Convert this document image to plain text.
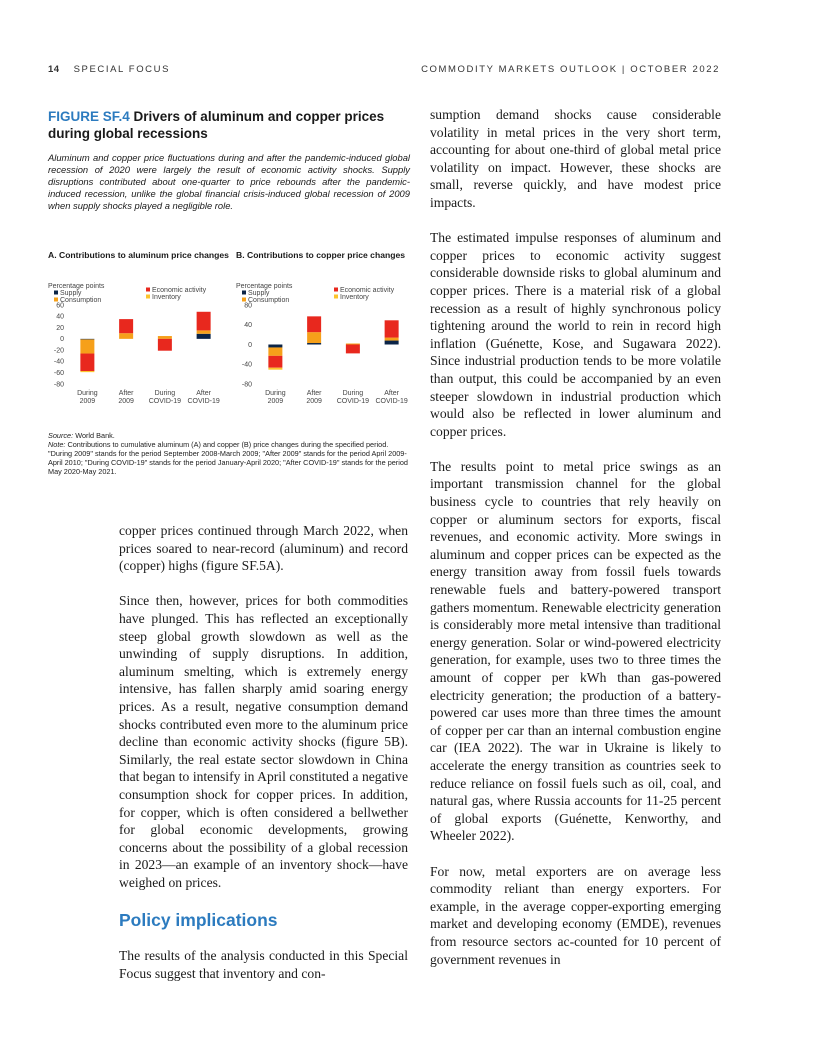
14 SPECIAL FOCUS	COMMODITY MARKETS OUTLOOK | OCTOBER 2022

FIGURE SF.4 Drivers of aluminum and copper prices during global recessions

Aluminum and copper price fluctuations during and after the pandemic-induced global recession of 2020 were largely the result of economic activity shocks. Supply disruptions contributed about one-quarter to price rebounds after the pandemic-induced recession, unlike the global financial crisis-induced global recession of 2009 when supply shocks played a negligible role.

A. Contributions to aluminum price changes B. Contributions to copper price changes
Percentage points
Supply
Consumption
Economic activity
Inventory
60
40
20
0
-20
-40
-60
-80
During
2009
After
2009
During
COVID-19
After
COVID-19
Percentage points
Supply
Consumption
Economic activity
Inventory
80
40
0
-40
-80
During
2009
After
2009
During
COVID-19
After
COVID-19

Source: World Bank.

Note: Contributions to cumulative aluminum (A) and copper (B) price changes during the specified period. "During 2009" stands for the period September 2008-March 2009; "After 2009" stands for the period April 2009-April 2010; "During COVID-19" stands for the period January-April 2020; "After COVID-19" stands for the period May 2020-May 2021.

copper prices continued through March 2022, when prices soared to near-record (aluminum) and record (copper) highs (figure SF.5A).

Since then, however, prices for both commodities have plunged. This has reflected an exceptionally steep global growth slowdown as well as the unwinding of supply disruptions. In addition, aluminum smelting, which is extremely energy intensive, has fallen sharply amid soaring energy prices. As a result, negative consumption demand shocks contributed even more to the aluminum price decline than economic activity shocks (figure 5B). Similarly, the real estate sector slowdown in China that began to intensify in April constituted a negative consumption shock for copper prices. In addition, for copper, which is often considered a bellwether for global economic developments, growing concerns about the possibility of a global recession in 2023—an example of an inventory shock—have weighed on prices.

Policy implications

The results of the analysis conducted in this Special Focus suggest that inventory and con-

sumption demand shocks cause considerable volatility in metal prices in the very short term, accounting for about one-third of global metal price volatility on impact. However, these shocks are small, reverse quickly, and have modest price impacts.

The estimated impulse responses of aluminum and copper prices to economic activity suggest considerable downside risks to global aluminum and copper prices. There is a material risk of a global recession as a result of highly synchronous policy tightening around the world to rein in record high inflation (Guénette, Kose, and Sugawara 2022). Since industrial production tends to be more volatile than output, this could be accompanied by an even steeper slowdown in industrial production which would also be reflected in lower aluminum and copper prices.

The results point to metal price swings as an important transmission channel for the global business cycle to countries that rely heavily on copper or aluminum sectors for exports, fiscal revenues, and economic activity. More swings in aluminum and copper prices can be expected as the energy transition away from fossil fuels towards renewable fuels and battery-powered transport gathers momentum. Renewable electricity generation is considerably more metal intensive than traditional energy generation. Solar or wind-powered electricity generation, for example, uses two to three times the amount of copper per kWh than gas-powered electricity generation; the production of a battery-powered car uses more than three times the amount of copper per car than an internal combustion engine car (IEA 2022). The war in Ukraine is likely to accelerate the energy transition as countries seek to reduce reliance on fossil fuels such as oil, coal, and natural gas, where Russia accounts for 11-25 percent of global exports (Guénette, Kenworthy, and Wheeler 2022).

For now, metal exporters are on average less commodity reliant than energy exporters. For example, in the average copper-exporting emerging market and developing economy (EMDE), revenues from resource sectors ac-counted for 10 percent of government revenues in
